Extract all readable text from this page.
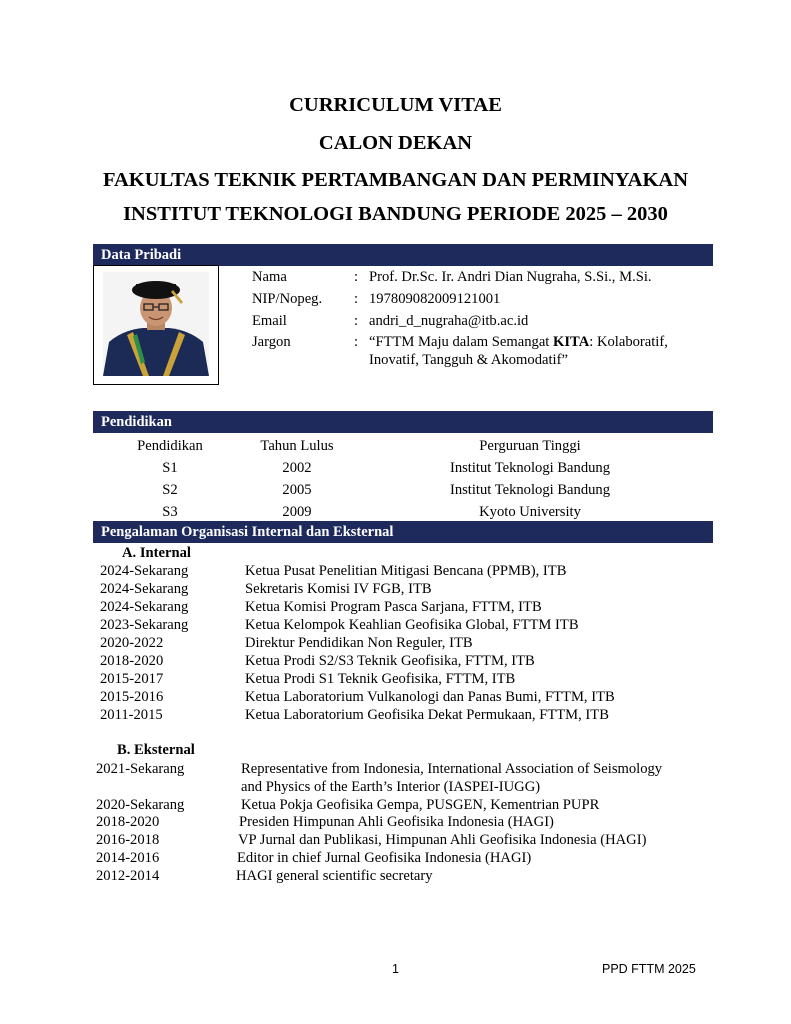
CURRICULUM VITAE
CALON DEKAN
FAKULTAS TEKNIK PERTAMBANGAN DAN PERMINYAKAN
INSTITUT TEKNOLOGI BANDUNG PERIODE 2025 – 2030
Data Pribadi
Nama	: Prof. Dr.Sc. Ir. Andri Dian Nugraha, S.Si., M.Si.
NIP/Nopeg. : 197809082009121001
Email	: andri_d_nugraha@itb.ac.id
Jargon	: “FTTM Maju dalam Semangat KITA: Kolaboratif,
Inovatif, Tangguh & Akomodatif”
Pendidikan
Pendidikan	Tahun Lulus	Perguruan Tinggi
S1	2002	Institut Teknologi Bandung
S2	2005	Institut Teknologi Bandung
S3	2009	Kyoto University
Pengalaman Organisasi Internal dan Eksternal
A. Internal
2024-Sekarang	Ketua Pusat Penelitian Mitigasi Bencana (PPMB), ITB
2024-Sekarang	Sekretaris Komisi IV FGB, ITB
2024-Sekarang	Ketua Komisi Program Pasca Sarjana, FTTM, ITB
2023-Sekarang	Ketua Kelompok Keahlian Geofisika Global, FTTM ITB
2020-2022	Direktur Pendidikan Non Reguler, ITB
2018-2020	Ketua Prodi S2/S3 Teknik Geofisika, FTTM, ITB
2015-2017	Ketua Prodi S1 Teknik Geofisika, FTTM, ITB
2015-2016	Ketua Laboratorium Vulkanologi dan Panas Bumi, FTTM, ITB
2011-2015	Ketua Laboratorium Geofisika Dekat Permukaan, FTTM, ITB
B. Eksternal
2021-Sekarang	Representative from Indonesia, International Association of Seismology
and Physics of the Earth’s Interior (IASPEI-IUGG)
2020-Sekarang	Ketua Pokja Geofisika Gempa, PUSGEN, Kementrian PUPR
2018-2020	Presiden Himpunan Ahli Geofisika Indonesia (HAGI)
2016-2018	VP Jurnal dan Publikasi, Himpunan Ahli Geofisika Indonesia (HAGI)
2014-2016	Editor in chief Jurnal Geofisika Indonesia (HAGI)
2012-2014	HAGI general scientific secretary
1	PPD FTTM 2025
